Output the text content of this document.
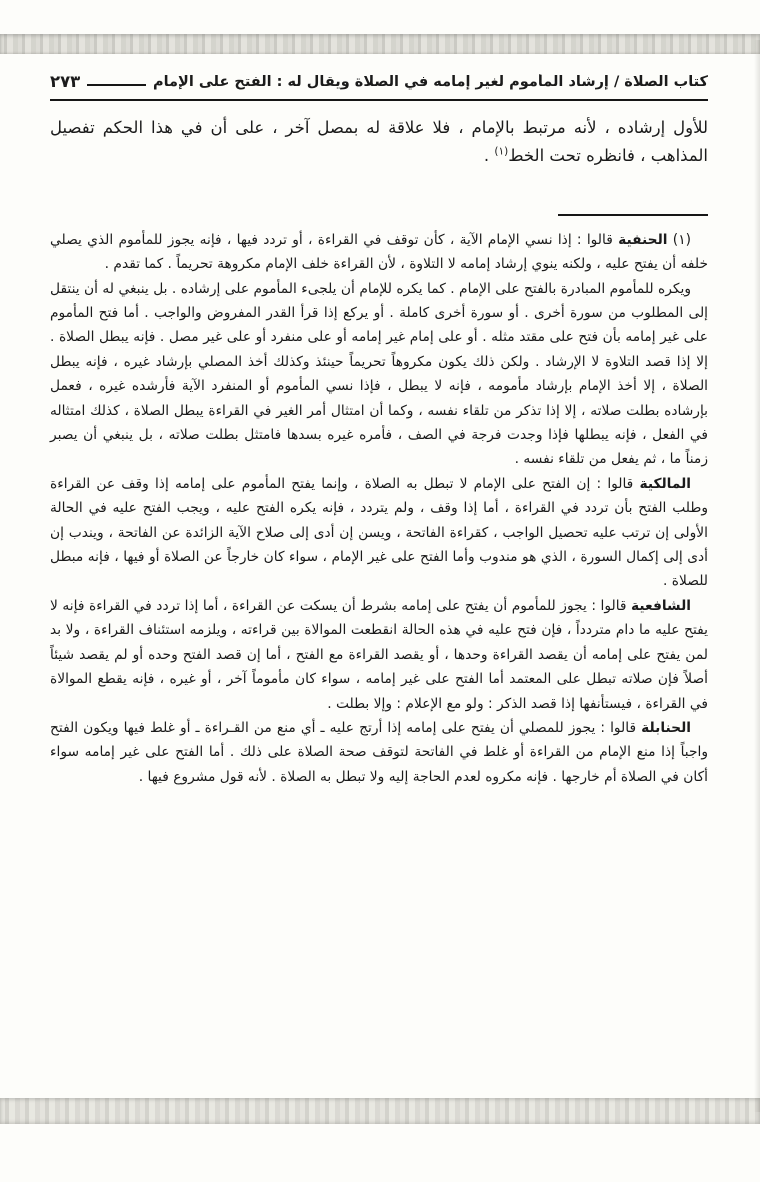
كتاب الصلاة / إرشاد المأموم لغير إمامه في الصلاة ويقال له : الفتح على الإمام
٢٧٣

للأول إرشاده ، لأنه مرتبط بالإمام ، فلا علاقة له بمصل آخر ، على أن في هذا الحكم تفصيل المذاهب ، فانظره تحت الخط$^{(١)}$ .

(١) الحنفية قالوا : إذا نسي الإمام الآية ، كأن توقف في القراءة ، أو تردد فيها ، فإنه يجوز للمأموم الذي يصلي خلفه أن يفتح عليه ، ولكنه ينوي إرشاد إمامه لا التلاوة ، لأن القراءة خلف الإمام مكروهة تحريماً . كما تقدم .

ويكره للمأموم المبادرة بالفتح على الإمام . كما يكره للإمام أن يلجىء المأموم على إرشاده . بل ينبغي له أن ينتقل إلى المطلوب من سورة أخرى . أو سورة أخرى كاملة . أو يركع إذا قرأ القدر المفروض والواجب . أما فتح المأموم على غير إمامه بأن فتح على مقتد مثله . أو على إمام غير إمامه أو على منفرد أو على غير مصل . فإنه يبطل الصلاة . إلا إذا قصد التلاوة لا الإرشاد . ولكن ذلك يكون مكروهاً تحريماً حينئذ وكذلك أخذ المصلي بإرشاد غيره ، فإنه يبطل الصلاة ، إلا أخذ الإمام بإرشاد مأمومه ، فإنه لا يبطل ، فإذا نسي المأموم أو المنفرد الآية فأرشده غيره ، فعمل بإرشاده بطلت صلاته ، إلا إذا تذكر من تلقاء نفسه ، وكما أن امتثال أمر الغير في القراءة يبطل الصلاة ، كذلك امتثاله في الفعل ، فإنه يبطلها فإذا وجدت فرجة في الصف ، فأمره غيره بسدها فامتثل بطلت صلاته ، بل ينبغي أن يصبر زمناً ما ، ثم يفعل من تلقاء نفسه .

المالكية قالوا : إن الفتح على الإمام لا تبطل به الصلاة ، وإنما يفتح المأموم على إمامه إذا وقف عن القراءة وطلب الفتح بأن تردد في القراءة ، أما إذا وقف ، ولم يتردد ، فإنه يكره الفتح عليه ، ويجب الفتح عليه في الحالة الأولى إن ترتب عليه تحصيل الواجب ، كقراءة الفاتحة ، ويسن إن أدى إلى صلاح الآية الزائدة عن الفاتحة ، ويندب إن أدى إلى إكمال السورة ، الذي هو مندوب وأما الفتح على غير الإمام ، سواء كان خارجاً عن الصلاة أو فيها ، فإنه مبطل للصلاة .

الشافعية قالوا : يجوز للمأموم أن يفتح على إمامه بشرط أن يسكت عن القراءة ، أما إذا تردد في القراءة فإنه لا يفتح عليه ما دام متردداً ، فإن فتح عليه في هذه الحالة انقطعت الموالاة بين قراءته ، ويلزمه استئناف القراءة ، ولا بد لمن يفتح على إمامه أن يقصد القراءة وحدها ، أو يقصد القراءة مع الفتح ، أما إن قصد الفتح وحده أو لم يقصد شيئاً أصلاً فإن صلاته تبطل على المعتمد أما الفتح على غير إمامه ، سواء كان مأموماً آخر ، أو غيره ، فإنه يقطع الموالاة في القراءة ، فيستأنفها إذا قصد الذكر : ولو مع الإعلام : وإلا بطلت .

الحنابلة قالوا : يجوز للمصلي أن يفتح على إمامه إذا أرتج عليه ـ أي منع من القـراءة ـ أو غلط فيها ويكون الفتح واجباً إذا منع الإمام من القراءة أو غلط في الفاتحة لتوقف صحة الصلاة على ذلك . أما الفتح على غير إمامه سواء أكان في الصلاة أم خارجها . فإنه مكروه لعدم الحاجة إليه ولا تبطل به الصلاة . لأنه قول مشروع فيها .
